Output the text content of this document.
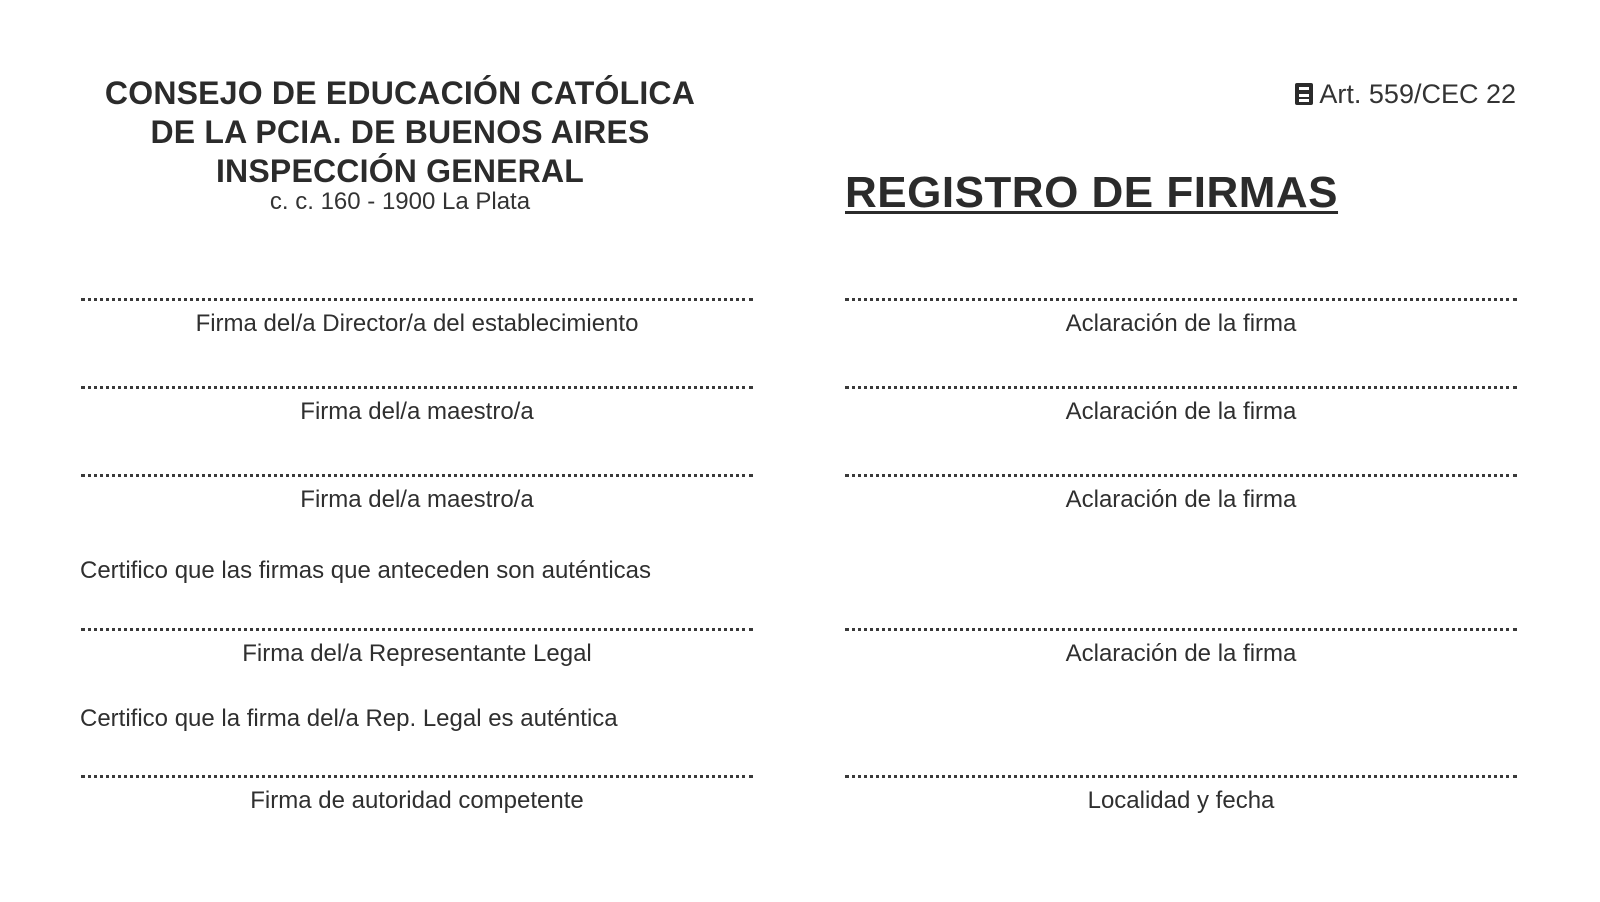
CONSEJO DE EDUCACIÓN CATÓLICA
DE LA PCIA. DE BUENOS AIRES
INSPECCIÓN GENERAL
c. c. 160 - 1900 La Plata
Art. 559/CEC 22
REGISTRO DE FIRMAS
Firma del/a Director/a del establecimiento
Firma del/a maestro/a
Firma del/a maestro/a
Certifico que las firmas que anteceden son auténticas
Firma del/a Representante Legal
Certifico que la firma del/a Rep. Legal es auténtica
Firma de autoridad competente
Aclaración de la firma
Aclaración de la firma
Aclaración de la firma
Aclaración de la firma
Localidad y fecha
